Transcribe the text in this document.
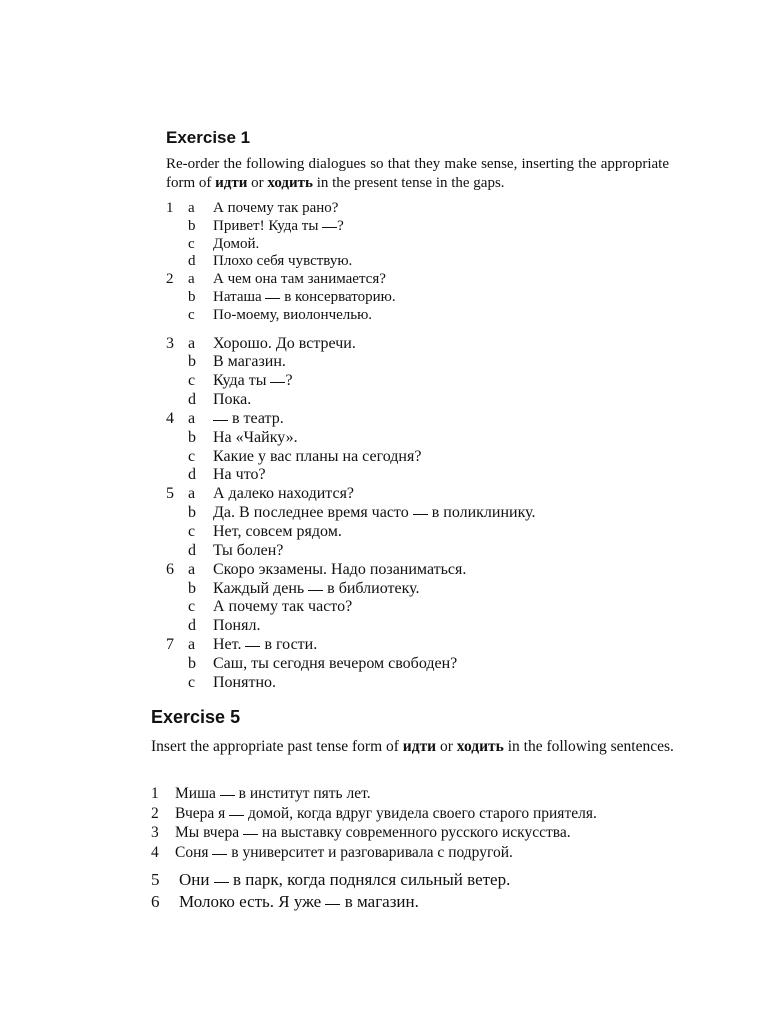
Exercise 1

Re-order the following dialogues so that they make sense, inserting the appropriate form of идти or ходить in the present tense in the gaps.

1 a А почему так рано?
b Привет! Куда ты ?
c Домой.
d Плохо себя чувствую.
2 a А чем она там занимается?
b Наташа  в консерваторию.
c По-моему, виолончелью.
3 a Хорошо. До встречи.
b В магазин.
c Куда ты ?
d Пока.
4 a	в театр.
b На «Чайку».
c Какие у вас планы на сегодня?
d На что?
5 a А далеко находится?
b Да. В последнее время часто  в поликлинику.
c Нет, совсем рядом.
d Ты болен?
6 a Скоро экзамены. Надо позаниматься.
b Каждый день  в библиотеку.
c А почему так часто?
d Понял.
7 a Нет.  в гости.
b Саш, ты сегодня вечером свободен?
c Понятно.
Exercise 5

Insert the appropriate past tense form of идти or ходить in the following sentences.

1 Миша  в институт пять лет.
2 Вчера я  домой, когда вдруг увидела своего старого приятеля.
3 Мы вчера  на выставку современного русского искусства.
4 Соня  в университет и разговаривала с подругой.
5 Они  в парк, когда поднялся сильный ветер.
6 Молоко есть. Я уже  в магазин.
